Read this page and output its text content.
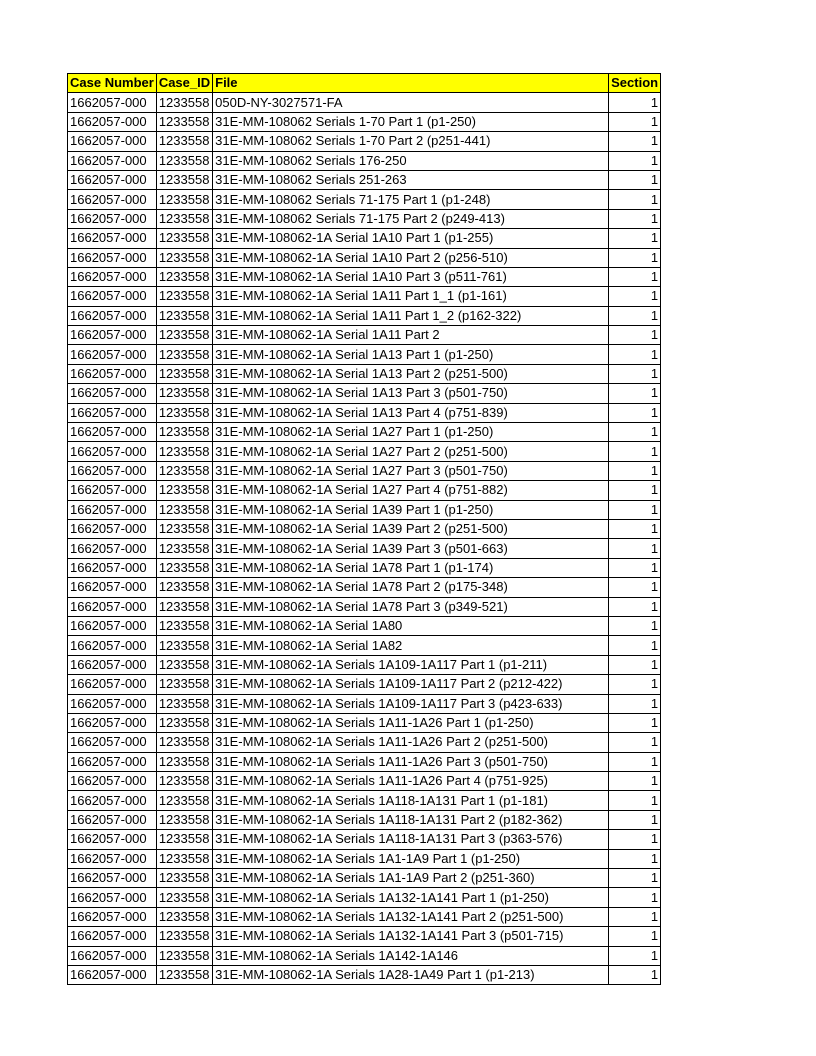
Case Number	Case_ID	File	Section
1662057-000	1233558	050D-NY-3027571-FA	1
1662057-000	1233558	31E-MM-108062 Serials 1-70 Part 1 (p1-250)	1
1662057-000	1233558	31E-MM-108062 Serials 1-70 Part 2 (p251-441)	1
1662057-000	1233558	31E-MM-108062 Serials 176-250	1
1662057-000	1233558	31E-MM-108062 Serials 251-263	1
1662057-000	1233558	31E-MM-108062 Serials 71-175 Part 1 (p1-248)	1
1662057-000	1233558	31E-MM-108062 Serials 71-175 Part 2 (p249-413)	1
1662057-000	1233558	31E-MM-108062-1A Serial 1A10 Part 1 (p1-255)	1
1662057-000	1233558	31E-MM-108062-1A Serial 1A10 Part 2 (p256-510)	1
1662057-000	1233558	31E-MM-108062-1A Serial 1A10 Part 3 (p511-761)	1
1662057-000	1233558	31E-MM-108062-1A Serial 1A11 Part 1_1 (p1-161)	1
1662057-000	1233558	31E-MM-108062-1A Serial 1A11 Part 1_2 (p162-322)	1
1662057-000	1233558	31E-MM-108062-1A Serial 1A11 Part 2	1
1662057-000	1233558	31E-MM-108062-1A Serial 1A13 Part 1 (p1-250)	1
1662057-000	1233558	31E-MM-108062-1A Serial 1A13 Part 2 (p251-500)	1
1662057-000	1233558	31E-MM-108062-1A Serial 1A13 Part 3 (p501-750)	1
1662057-000	1233558	31E-MM-108062-1A Serial 1A13 Part 4 (p751-839)	1
1662057-000	1233558	31E-MM-108062-1A Serial 1A27 Part 1 (p1-250)	1
1662057-000	1233558	31E-MM-108062-1A Serial 1A27 Part 2 (p251-500)	1
1662057-000	1233558	31E-MM-108062-1A Serial 1A27 Part 3 (p501-750)	1
1662057-000	1233558	31E-MM-108062-1A Serial 1A27 Part 4 (p751-882)	1
1662057-000	1233558	31E-MM-108062-1A Serial 1A39 Part 1 (p1-250)	1
1662057-000	1233558	31E-MM-108062-1A Serial 1A39 Part 2 (p251-500)	1
1662057-000	1233558	31E-MM-108062-1A Serial 1A39 Part 3 (p501-663)	1
1662057-000	1233558	31E-MM-108062-1A Serial 1A78 Part 1 (p1-174)	1
1662057-000	1233558	31E-MM-108062-1A Serial 1A78 Part 2 (p175-348)	1
1662057-000	1233558	31E-MM-108062-1A Serial 1A78 Part 3 (p349-521)	1
1662057-000	1233558	31E-MM-108062-1A Serial 1A80	1
1662057-000	1233558	31E-MM-108062-1A Serial 1A82	1
1662057-000	1233558	31E-MM-108062-1A Serials 1A109-1A117 Part 1 (p1-211)	1
1662057-000	1233558	31E-MM-108062-1A Serials 1A109-1A117 Part 2 (p212-422)	1
1662057-000	1233558	31E-MM-108062-1A Serials 1A109-1A117 Part 3 (p423-633)	1
1662057-000	1233558	31E-MM-108062-1A Serials 1A11-1A26 Part 1 (p1-250)	1
1662057-000	1233558	31E-MM-108062-1A Serials 1A11-1A26 Part 2 (p251-500)	1
1662057-000	1233558	31E-MM-108062-1A Serials 1A11-1A26 Part 3 (p501-750)	1
1662057-000	1233558	31E-MM-108062-1A Serials 1A11-1A26 Part 4 (p751-925)	1
1662057-000	1233558	31E-MM-108062-1A Serials 1A118-1A131 Part 1 (p1-181)	1
1662057-000	1233558	31E-MM-108062-1A Serials 1A118-1A131 Part 2 (p182-362)	1
1662057-000	1233558	31E-MM-108062-1A Serials 1A118-1A131 Part 3 (p363-576)	1
1662057-000	1233558	31E-MM-108062-1A Serials 1A1-1A9 Part 1 (p1-250)	1
1662057-000	1233558	31E-MM-108062-1A Serials 1A1-1A9 Part 2 (p251-360)	1
1662057-000	1233558	31E-MM-108062-1A Serials 1A132-1A141 Part 1 (p1-250)	1
1662057-000	1233558	31E-MM-108062-1A Serials 1A132-1A141 Part 2 (p251-500)	1
1662057-000	1233558	31E-MM-108062-1A Serials 1A132-1A141 Part 3 (p501-715)	1
1662057-000	1233558	31E-MM-108062-1A Serials 1A142-1A146	1
1662057-000	1233558	31E-MM-108062-1A Serials 1A28-1A49 Part 1 (p1-213)	1
